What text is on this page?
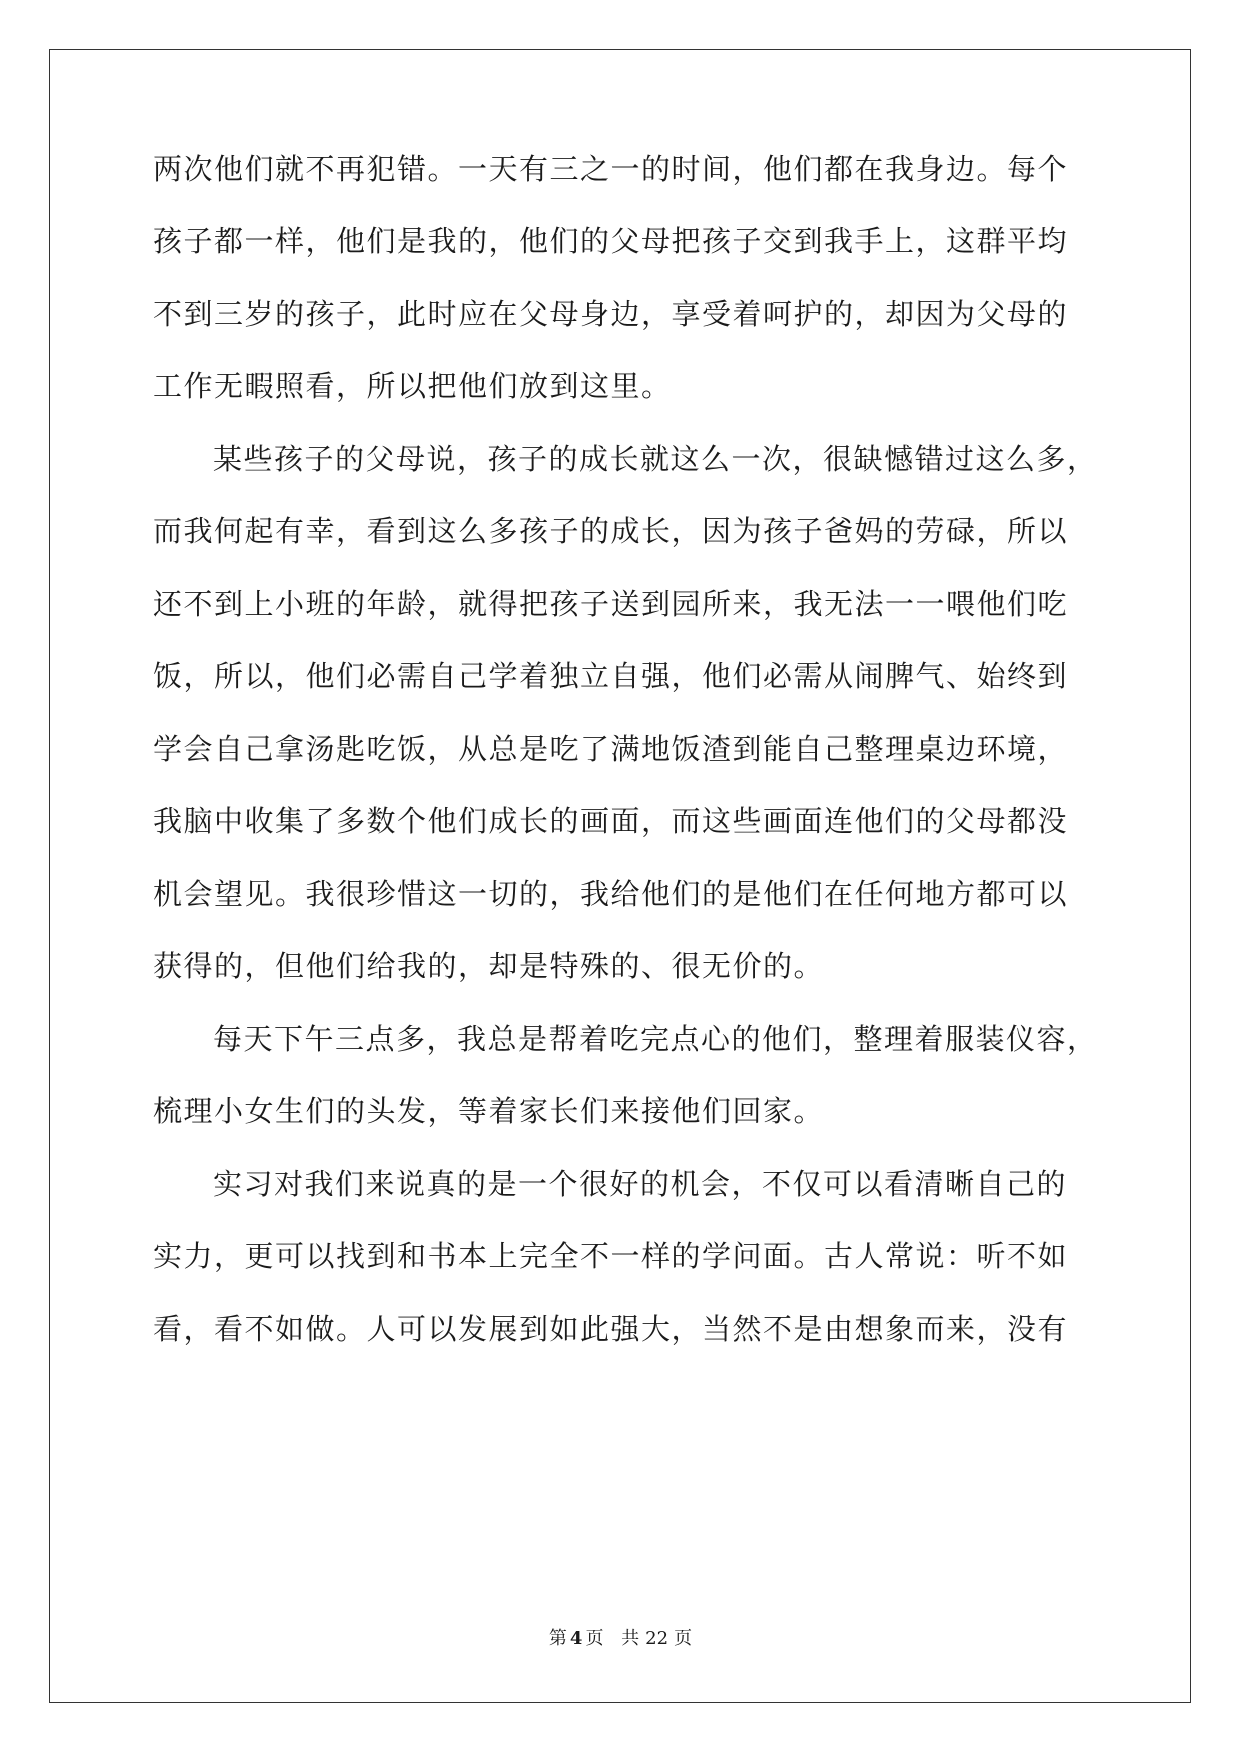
两次他们就不再犯错。一天有三之一的时间，他们都在我身边。每个
孩子都一样，他们是我的，他们的父母把孩子交到我手上，这群平均
不到三岁的孩子，此时应在父母身边，享受着呵护的，却因为父母的
工作无暇照看，所以把他们放到这里。
某些孩子的父母说，孩子的成长就这么一次，很缺憾错过这么多，
而我何起有幸，看到这么多孩子的成长，因为孩子爸妈的劳碌，所以
还不到上小班的年龄，就得把孩子送到园所来，我无法一一喂他们吃
饭，所以，他们必需自己学着独立自强，他们必需从闹脾气、始终到
学会自己拿汤匙吃饭，从总是吃了满地饭渣到能自己整理桌边环境，
我脑中收集了多数个他们成长的画面，而这些画面连他们的父母都没
机会望见。我很珍惜这一切的，我给他们的是他们在任何地方都可以
获得的，但他们给我的，却是特殊的、很无价的。
每天下午三点多，我总是帮着吃完点心的他们，整理着服装仪容，
梳理小女生们的头发，等着家长们来接他们回家。
实习对我们来说真的是一个很好的机会，不仅可以看清晰自己的
实力，更可以找到和书本上完全不一样的学问面。古人常说：听不如
看，看不如做。人可以发展到如此强大，当然不是由想象而来，没有
第 4 页 共 22 页
